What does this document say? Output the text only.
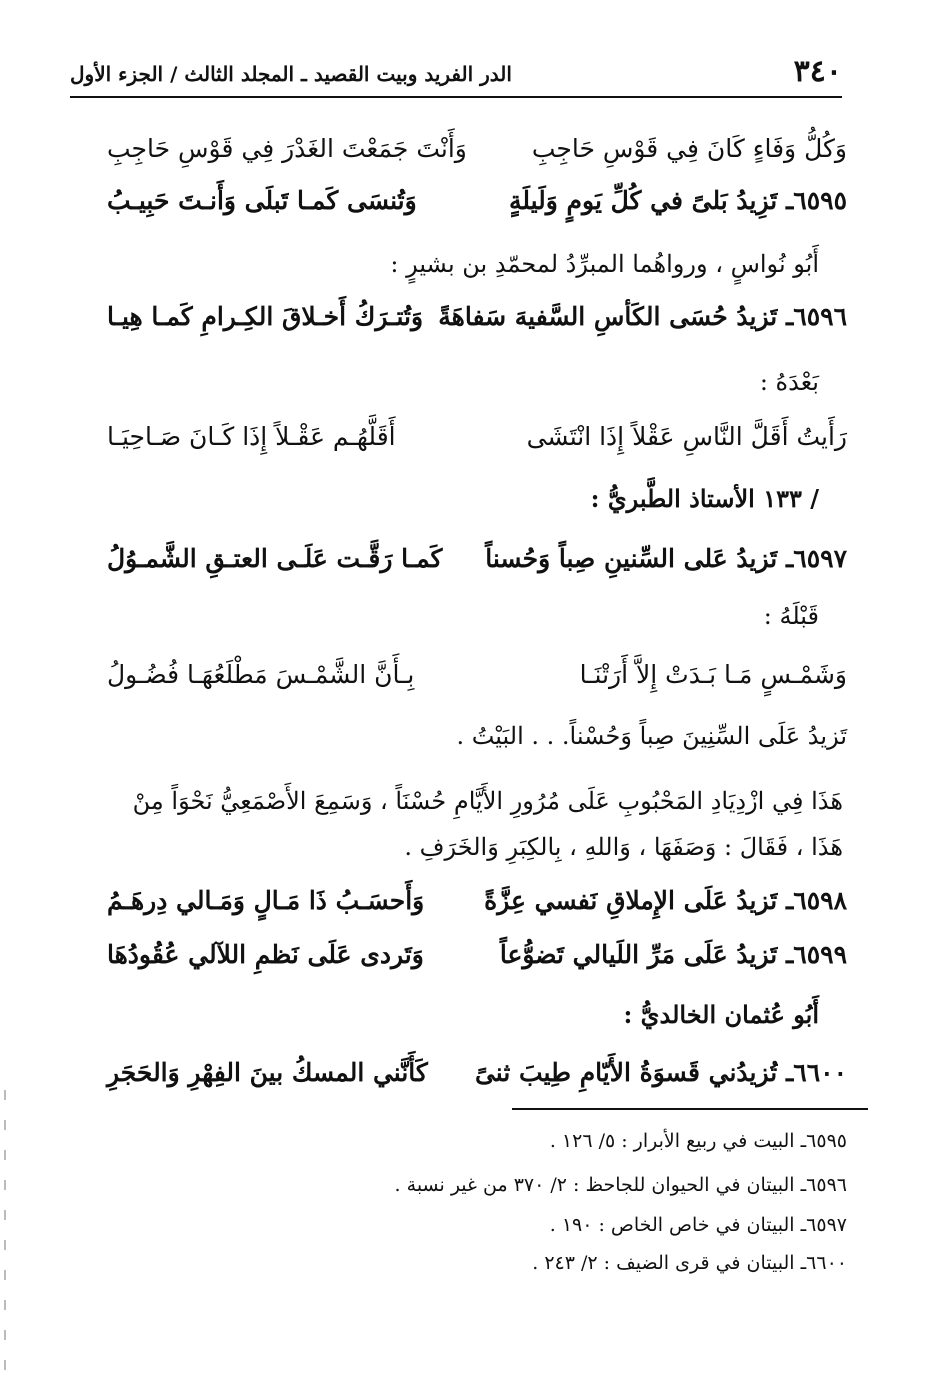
٣٤٠
الدر الفريد وبيت القصيد ـ المجلد الثالث / الجزء الأول
وَكُلُّ وَفَاءٍ كَانَ فِي قَوْسِ حَاجِبِ
وَأَنْتَ جَمَعْتَ الغَدْرَ فِي قَوْسِ حَاجِبِ
٦٥٩٥ـ تَزِيدُ بَلىً في كُلِّ يَومٍ وَلَيلَةٍ
وَتُنسَى كَمـا تَبلَى وَأَنـتَ حَبِيـبُ
أَبُو نُواسٍ ، ورواهُما المبرِّدُ لمحمّدِ بن بشيرٍ :
٦٥٩٦ـ تَزيدُ حُسَى الكَأسِ السَّفيهَ سَفاهَةً
وَتُتـرَكُ أَخـلاقَ الكِـرامِ كَمـا هِيـا
بَعْدَهُ :
رَأَيتُ أَقَلَّ النَّاسِ عَقْلاً إِذَا انْتَشَى
أَقَلَّهُـم عَقْـلاً إِذَا كَـانَ صَـاحِيَـا
/ ١٣٣ الأستاذ الطَّبريُّ :
٦٥٩٧ـ تَزيدُ عَلى السِّنينِ صِباً وَحُسناً
كَمـا رَقَّـت عَلَـى العتـقِ الشَّمـوُلُ
قَبْلَهُ :
وَشَمْـسٍ مَـا بَـدَتْ إِلاَّ أَرَتْنَـا
بِـأَنَّ الشَّمْـسَ مَطْلَعُهَـا فُضُـولُ
تَزيدُ عَلَى السِّنِينَ صِباً وَحُسْناً. . . البَيْتُ .
هَذَا فِي ازْدِيَادِ المَحْبُوبِ عَلَى مُرُورِ الأَيَّامِ حُسْنَاً ، وَسَمِعَ الأَصْمَعِيُّ نَحْوَاً مِنْ
هَذَا ، فَقَالَ : وَصَفَهَا ، وَاللهِ ، بِالكِبَرِ وَالخَرَفِ .
٦٥٩٨ـ تَزيدُ عَلَى الإِملاقِ نَفسي عِزَّةً
وَأَحسَـبُ ذَا مَـالٍ وَمَـالي دِرهَـمُ
٦٥٩٩ـ تَزيدُ عَلَى مَرِّ اللَيالي تَضوُّعاً
وَتَردى عَلَى نَظمِ اللآلي عُقُودُهَا
أَبُو عُثمان الخالديُّ :
٦٦٠٠ـ تُزيدُني قَسوَةُ الأَيّامِ طِيبَ ثنىً
كَأَنَّني المسكُ بينَ الفِهْرِ وَالحَجَرِ
٦٥٩٥ـ البيت في ربيع الأبرار : ٥/ ١٢٦ .
٦٥٩٦ـ البيتان في الحيوان للجاحظ : ٢/ ٣٧٠ من غير نسبة .
٦٥٩٧ـ البيتان في خاص الخاص : ١٩٠ .
٦٦٠٠ـ البيتان في قرى الضيف : ٢/ ٢٤٣ .
